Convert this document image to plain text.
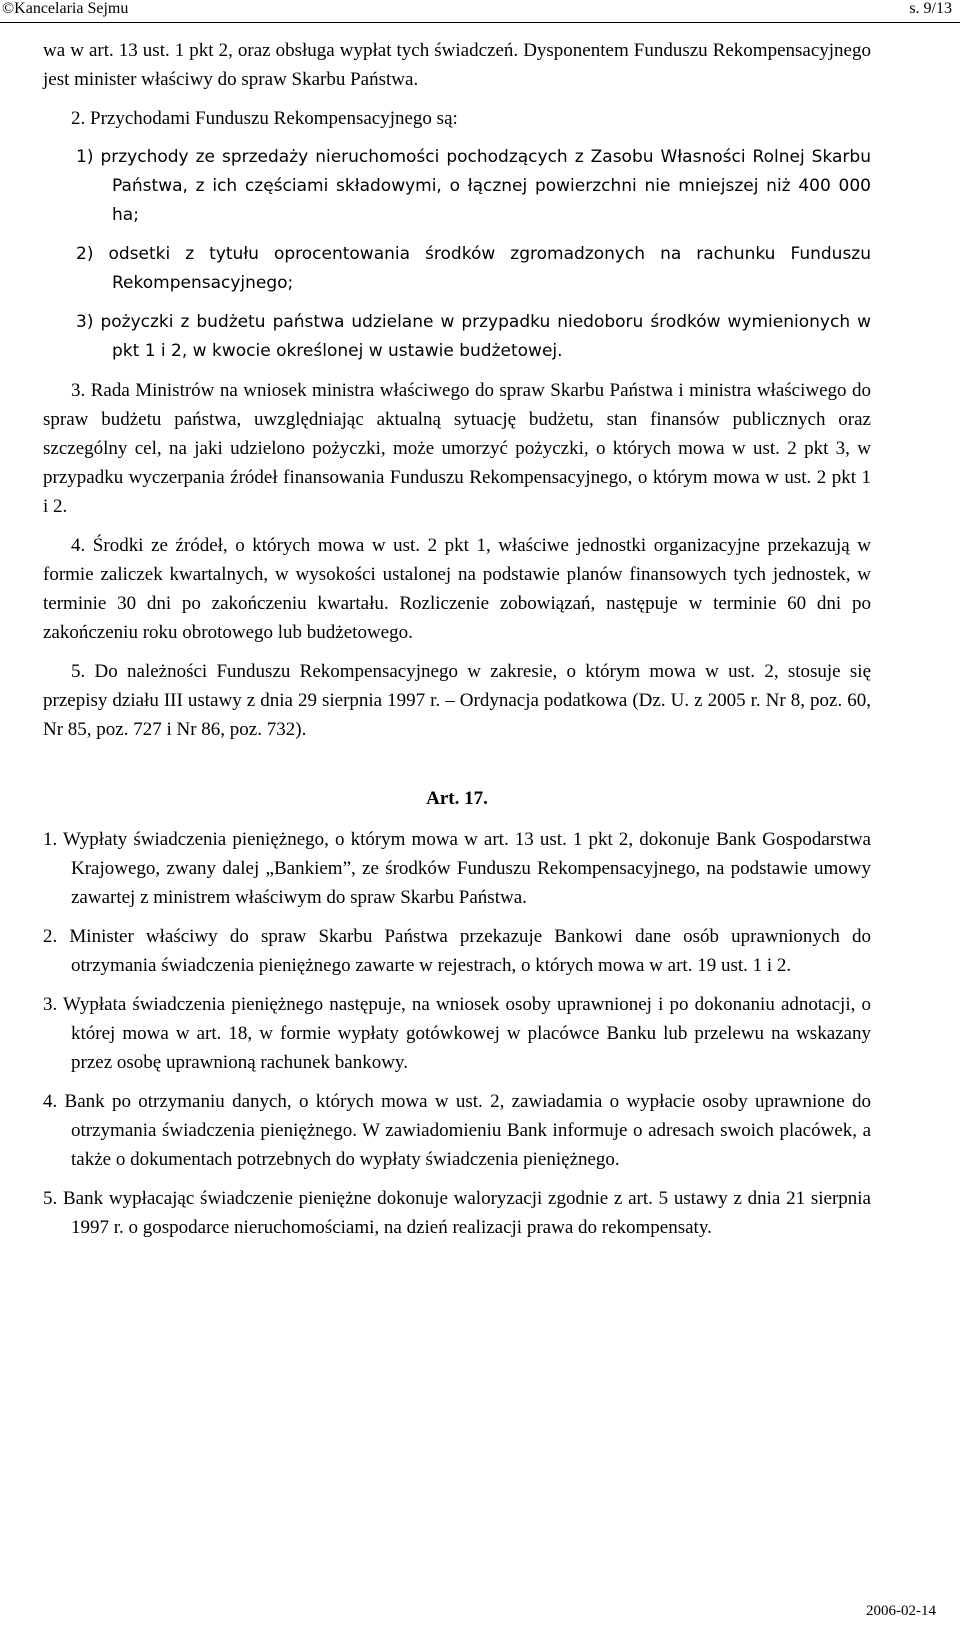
©Kancelaria Sejmu	s. 9/13

wa w art. 13 ust. 1 pkt 2, oraz obsługa wypłat tych świadczeń. Dysponentem Funduszu Rekompensacyjnego jest minister właściwy do spraw Skarbu Państwa.

2. Przychodami Funduszu Rekompensacyjnego są:

1) przychody ze sprzedaży nieruchomości pochodzących z Zasobu Własności Rolnej Skarbu Państwa, z ich częściami składowymi, o łącznej powierzchni nie mniejszej niż 400 000 ha;

2) odsetki z tytułu oprocentowania środków zgromadzonych na rachunku Funduszu Rekompensacyjnego;

3) pożyczki z budżetu państwa udzielane w przypadku niedoboru środków wymienionych w pkt 1 i 2, w kwocie określonej w ustawie budżetowej.

3. Rada Ministrów na wniosek ministra właściwego do spraw Skarbu Państwa i ministra właściwego do spraw budżetu państwa, uwzględniając aktualną sytuację budżetu, stan finansów publicznych oraz szczególny cel, na jaki udzielono pożyczki, może umorzyć pożyczki, o których mowa w ust. 2 pkt 3, w przypadku wyczerpania źródeł finansowania Funduszu Rekompensacyjnego, o którym mowa w ust. 2 pkt 1 i 2.

4. Środki ze źródeł, o których mowa w ust. 2 pkt 1, właściwe jednostki organizacyjne przekazują w formie zaliczek kwartalnych, w wysokości ustalonej na podstawie planów finansowych tych jednostek, w terminie 30 dni po zakończeniu kwartału. Rozliczenie zobowiązań, następuje w terminie 60 dni po zakończeniu roku obrotowego lub budżetowego.

5. Do należności Funduszu Rekompensacyjnego w zakresie, o którym mowa w ust. 2, stosuje się przepisy działu III ustawy z dnia 29 sierpnia 1997 r. – Ordynacja podatkowa (Dz. U. z 2005 r. Nr 8, poz. 60, Nr 85, poz. 727 i Nr 86, poz. 732).

Art. 17.

1. Wypłaty świadczenia pieniężnego, o którym mowa w art. 13 ust. 1 pkt 2, dokonuje Bank Gospodarstwa Krajowego, zwany dalej „Bankiem”, ze środków Funduszu Rekompensacyjnego, na podstawie umowy zawartej z ministrem właściwym do spraw Skarbu Państwa.

2. Minister właściwy do spraw Skarbu Państwa przekazuje Bankowi dane osób uprawnionych do otrzymania świadczenia pieniężnego zawarte w rejestrach, o których mowa w art. 19 ust. 1 i 2.

3. Wypłata świadczenia pieniężnego następuje, na wniosek osoby uprawnionej i po dokonaniu adnotacji, o której mowa w art. 18, w formie wypłaty gotówkowej w placówce Banku lub przelewu na wskazany przez osobę uprawnioną rachunek bankowy.

4. Bank po otrzymaniu danych, o których mowa w ust. 2, zawiadamia o wypłacie osoby uprawnione do otrzymania świadczenia pieniężnego. W zawiadomieniu Bank informuje o adresach swoich placówek, a także o dokumentach potrzebnych do wypłaty świadczenia pieniężnego.

5. Bank wypłacając świadczenie pieniężne dokonuje waloryzacji zgodnie z art. 5 ustawy z dnia 21 sierpnia 1997 r. o gospodarce nieruchomościami, na dzień realizacji prawa do rekompensaty.

2006-02-14
